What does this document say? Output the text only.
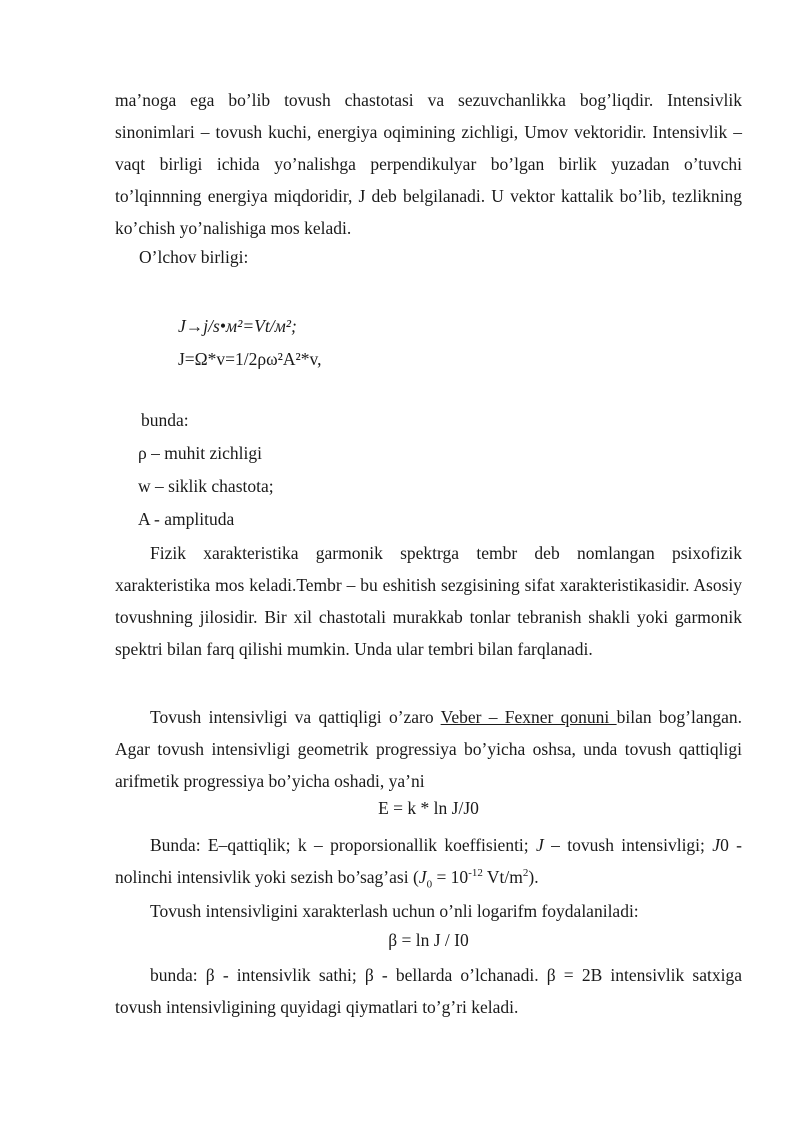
ma’noga ega bo’lib tovush chastotasi va sezuvchanlikka bog’liqdir. Intensivlik sinonimlari – tovush kuchi, energiya oqimining zichligi, Umov vektoridir. Intensivlik – vaqt birligi ichida yo’nalishga perpendikulyar bo’lgan birlik yuzadan o’tuvchi to’lqinnning energiya miqdoridir, J deb belgilanadi. U vektor kattalik bo’lib, tezlikning ko’chish yo’nalishiga mos keladi.

O’lchov birligi:
J→j/s•м²=Vt/м²;
J=Ω*v=1/2ρω²A²*v,
bunda:
ρ – muhit zichligi
w – siklik chastota;
A - amplituda

Fizik xarakteristika garmonik spektrga tembr deb nomlangan psixofizik xarakteristika mos keladi.Tembr – bu eshitish sezgisining sifat xarakteristikasidir. Asosiy tovushning jilosidir. Bir xil chastotali murakkab tonlar tebranish shakli yoki garmonik spektri bilan farq qilishi mumkin. Unda ular tembri bilan farqlanadi.

Tovush intensivligi va qattiqligi o’zaro Veber – Fexner qonuni bilan bog’langan. Agar tovush intensivligi geometrik progressiya bo’yicha oshsa, unda tovush qattiqligi arifmetik progressiya bo’yicha oshadi, ya’ni

E = k * ln J/J0

Bunda: E–qattiqlik; k – proporsionallik koeffisienti; J – tovush intensivligi; J0 - nolinchi intensivlik yoki sezish bo’sag’asi ($J_0 = 10^{-12}$ $Vt/m^2$).

Tovush intensivligini xarakterlash uchun o’nli logarifm foydalaniladi:

β = ln J / I0

bunda: β - intensivlik sathi; β - bellarda o’lchanadi. β = 2B intensivlik satxiga tovush intensivligining quyidagi qiymatlari to’g’ri keladi.
